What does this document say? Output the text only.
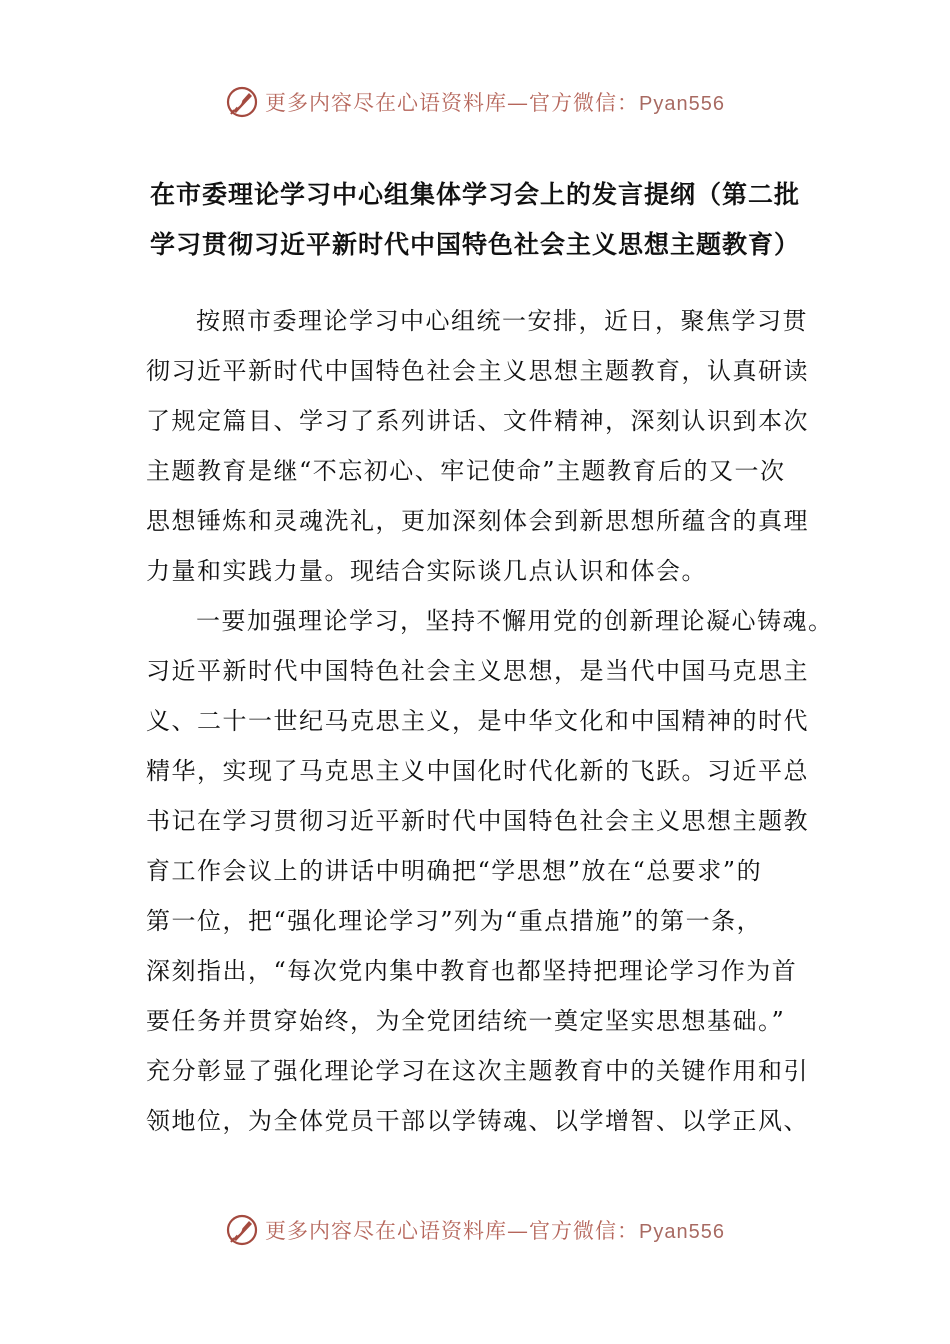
更多内容尽在心语资料库—官方微信：Pyan556
在市委理论学习中心组集体学习会上的发言提纲（第二批
学习贯彻习近平新时代中国特色社会主义思想主题教育）
按照市委理论学习中心组统一安排，近日，聚焦学习贯
彻习近平新时代中国特色社会主义思想主题教育，认真研读
了规定篇目、学习了系列讲话、文件精神，深刻认识到本次
主题教育是继“不忘初心、牢记使命”主题教育后的又一次
思想锤炼和灵魂洗礼，更加深刻体会到新思想所蕴含的真理
力量和实践力量。现结合实际谈几点认识和体会。
一要加强理论学习，坚持不懈用党的创新理论凝心铸魂。
习近平新时代中国特色社会主义思想，是当代中国马克思主
义、二十一世纪马克思主义，是中华文化和中国精神的时代
精华，实现了马克思主义中国化时代化新的飞跃。习近平总
书记在学习贯彻习近平新时代中国特色社会主义思想主题教
育工作会议上的讲话中明确把“学思想”放在“总要求”的
第一位，把“强化理论学习”列为“重点措施”的第一条，
深刻指出，“每次党内集中教育也都坚持把理论学习作为首
要任务并贯穿始终，为全党团结统一奠定坚实思想基础。”
充分彰显了强化理论学习在这次主题教育中的关键作用和引
领地位，为全体党员干部以学铸魂、以学增智、以学正风、
更多内容尽在心语资料库—官方微信：Pyan556
